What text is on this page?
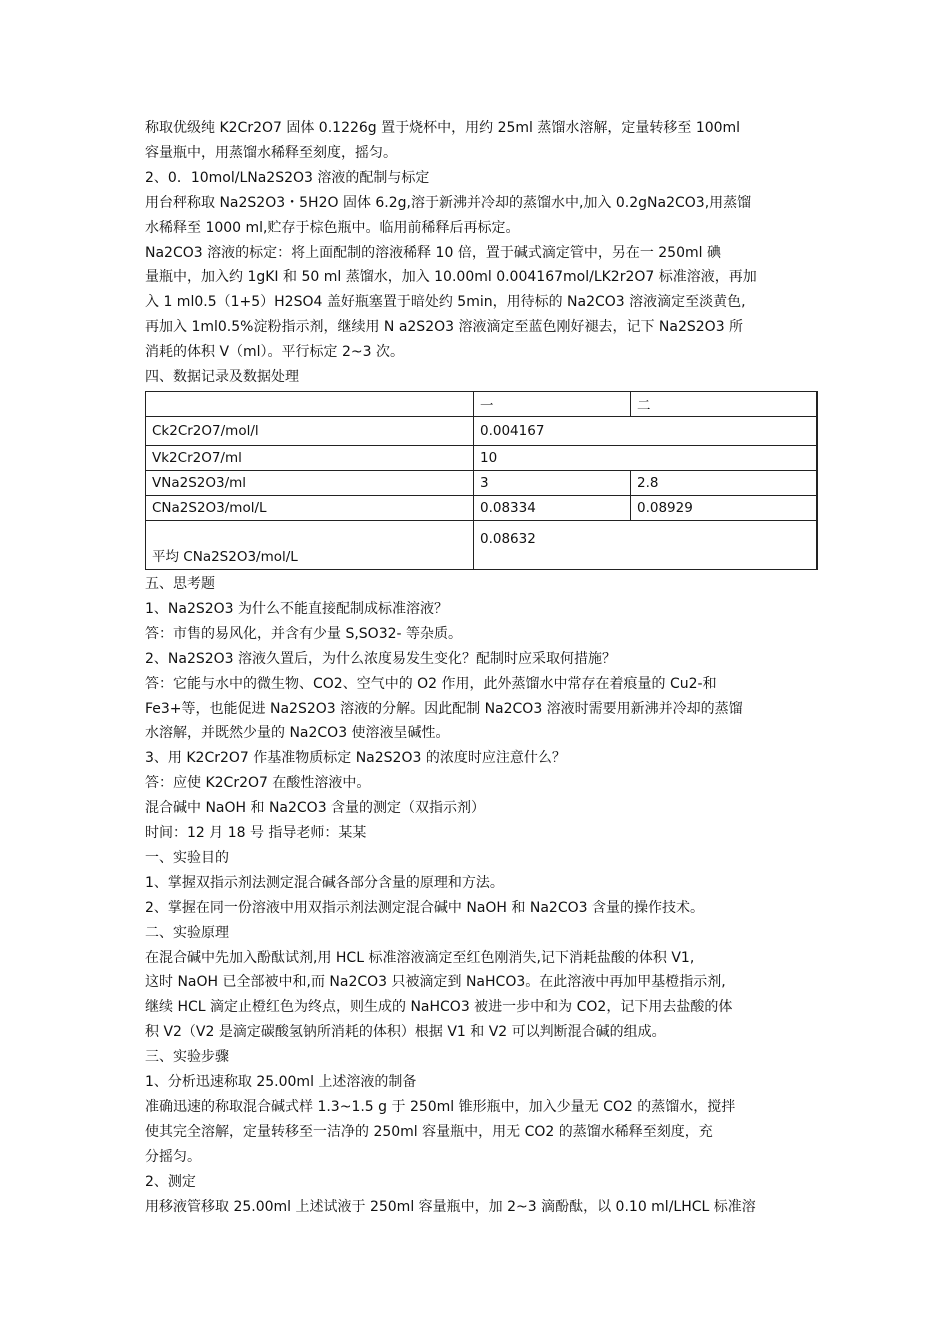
称取优级纯 K2Cr2O7 固体 0.1226g 置于烧杯中，用约 25ml 蒸馏水溶解，定量转移至 100ml

容量瓶中，用蒸馏水稀释至刻度，摇匀。

2、0．10mol/LNa2S2O3 溶液的配制与标定

用台秤称取 Na2S2O3・5H2O 固体 6.2g,溶于新沸并冷却的蒸馏水中,加入 0.2gNa2CO3,用蒸馏

水稀释至 1000 ml,贮存于棕色瓶中。临用前稀释后再标定。

Na2CO3 溶液的标定：将上面配制的溶液稀释 10 倍，置于碱式滴定管中，另在一 250ml 碘

量瓶中，加入约 1gKI 和 50 ml 蒸馏水，加入 10.00ml 0.004167mol/LK2r2O7 标准溶液，再加

入 1 ml0.5（1+5）H2SO4 盖好瓶塞置于暗处约 5min，用待标的 Na2CO3 溶液滴定至淡黄色,

再加入 1ml0.5%淀粉指示剂，继续用 N a2S2O3 溶液滴定至蓝色刚好褪去，记下 Na2S2O3 所

消耗的体积 V（ml）。平行标定 2~3 次。

四、数据记录及数据处理

	一	二
Ck2Cr2O7/mol/l	0.004167	
Vk2Cr2O7/ml	10	
VNa2S2O3/ml	3	2.8
CNa2S2O3/mol/L	0.08334	0.08929
平均 CNa2S2O3/mol/L	0.08632	

五、思考题

1、Na2S2O3 为什么不能直接配制成标准溶液？

答：市售的易风化，并含有少量 S,SO32- 等杂质。

2、Na2S2O3 溶液久置后，为什么浓度易发生变化？配制时应采取何措施？

答：它能与水中的微生物、CO2、空气中的 O2 作用，此外蒸馏水中常存在着痕量的 Cu2-和

Fe3+等，也能促进 Na2S2O3 溶液的分解。因此配制 Na2CO3 溶液时需要用新沸并冷却的蒸馏

水溶解，并既然少量的 Na2CO3 使溶液呈碱性。

3、用 K2Cr2O7 作基准物质标定 Na2S2O3 的浓度时应注意什么？

答：应使 K2Cr2O7 在酸性溶液中。

混合碱中 NaOH 和 Na2CO3 含量的测定（双指示剂）

时间：12 月 18 号 指导老师：某某

一、实验目的

1、掌握双指示剂法测定混合碱各部分含量的原理和方法。

2、掌握在同一份溶液中用双指示剂法测定混合碱中 NaOH 和 Na2CO3 含量的操作技术。

二、实验原理

在混合碱中先加入酚酞试剂,用 HCL 标准溶液滴定至红色刚消失,记下消耗盐酸的体积 V1,

这时 NaOH 已全部被中和,而 Na2CO3 只被滴定到 NaHCO3。在此溶液中再加甲基橙指示剂,

继续 HCL 滴定止橙红色为终点，则生成的 NaHCO3 被进一步中和为 CO2，记下用去盐酸的体

积 V2（V2 是滴定碳酸氢钠所消耗的体积）根据 V1 和 V2 可以判断混合碱的组成。

三、实验步骤

1、分析迅速称取 25.00ml 上述溶液的制备

准确迅速的称取混合碱式样 1.3~1.5 g 于 250ml 锥形瓶中，加入少量无 CO2 的蒸馏水，搅拌

使其完全溶解，定量转移至一洁净的 250ml 容量瓶中，用无 CO2 的蒸馏水稀释至刻度，充

分摇匀。

2、测定

用移液管移取 25.00ml 上述试液于 250ml 容量瓶中，加 2~3 滴酚酞，以 0.10 ml/LHCL 标准溶
